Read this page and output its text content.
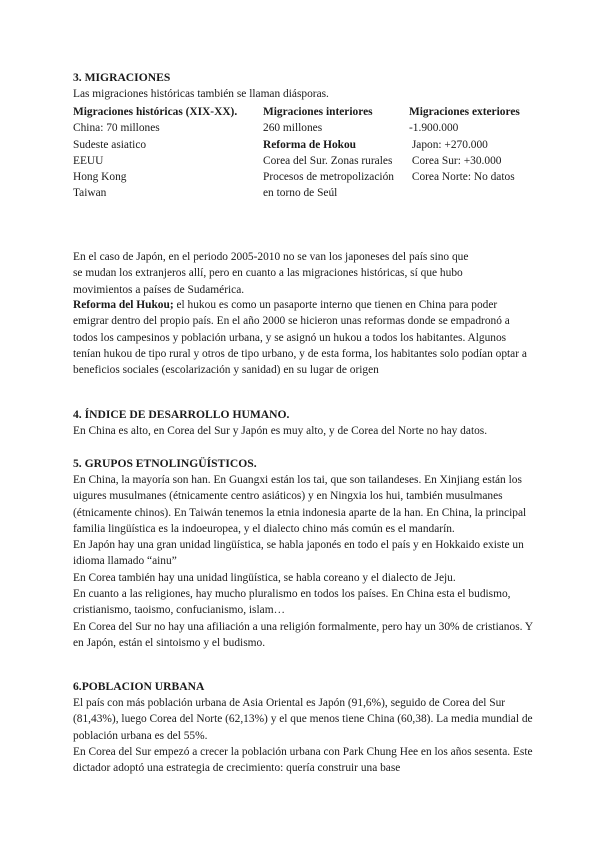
3. MIGRACIONES

Las migraciones históricas también se llaman diásporas.

Migraciones históricas (XIX-XX).
China: 70 millones
Sudeste asiatico
EEUU
Hong Kong
Taiwan
Migraciones interiores
260 millones
Reforma de Hokou
Corea del Sur. Zonas rurales
Procesos de metropolización en torno de Seúl
Migraciones exteriores
-1.900.000
Japon: +270.000
Corea Sur: +30.000
Corea Norte: No datos

En el caso de Japón, en el periodo 2005-2010 no se van los japoneses del país sino que se mudan los extranjeros allí, pero en cuanto a las migraciones históricas, sí que hubo movimientos a países de Sudamérica.

Reforma del Hukou; el hukou es como un pasaporte interno que tienen en China para poder emigrar dentro del propio país. En el año 2000 se hicieron unas reformas donde se empadronó a todos los campesinos y población urbana, y se asignó un hukou a todos los habitantes. Algunos tenían hukou de tipo rural y otros de tipo urbano, y de esta forma, los habitantes solo podían optar a beneficios sociales (escolarización y sanidad) en su lugar de origen

4. ÍNDICE DE DESARROLLO HUMANO.

En China es alto, en Corea del Sur y Japón es muy alto, y de Corea del Norte no hay datos.

5. GRUPOS ETNOLINGÜÍSTICOS.

En China, la mayoría son han. En Guangxi están los tai, que son tailandeses. En Xinjiang están los uigures musulmanes (étnicamente centro asiáticos) y en Ningxia los hui, también musulmanes (étnicamente chinos). En Taiwán tenemos la etnia indonesia aparte de la han. En China, la principal familia lingüística es la indoeuropea, y el dialecto chino más común es el mandarín.

En Japón hay una gran unidad lingüística, se habla japonés en todo el país y en Hokkaido existe un idioma llamado “ainu”

En Corea también hay una unidad lingüística, se habla coreano y el dialecto de Jeju.

En cuanto a las religiones, hay mucho pluralismo en todos los países. En China esta el budismo, cristianismo, taoismo, confucianismo, islam…

En Corea del Sur no hay una afiliación a una religión formalmente, pero hay un 30% de cristianos. Y en Japón, están el sintoismo y el budismo.

6.POBLACION URBANA

El país con más población urbana de Asia Oriental es Japón (91,6%), seguido de Corea del Sur (81,43%), luego Corea del Norte (62,13%) y el que menos tiene China (60,38). La media mundial de población urbana es del 55%.

En Corea del Sur empezó a crecer la población urbana con Park Chung Hee en los años sesenta. Este dictador adoptó una estrategia de crecimiento: quería construir una base
